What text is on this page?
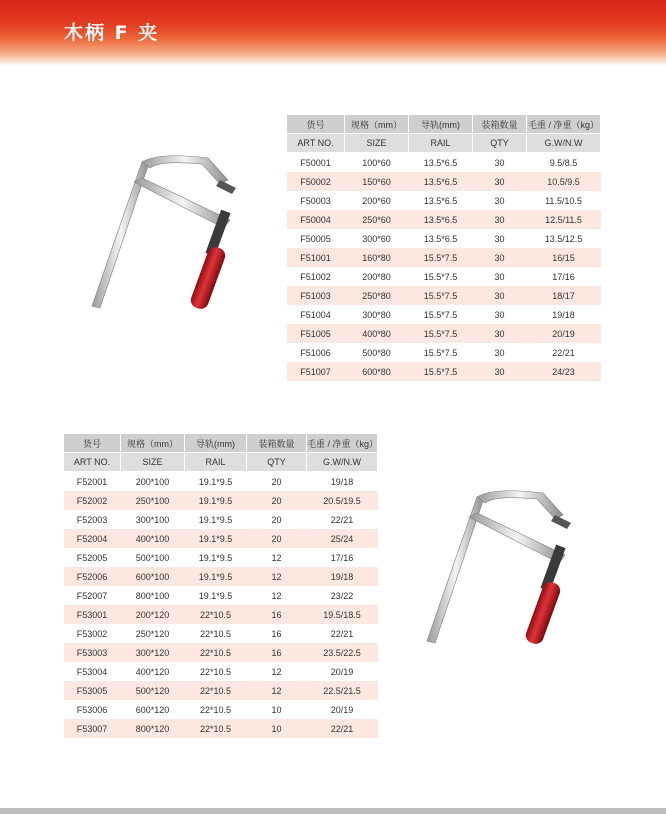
木柄 F 夹
货号	规格（mm）	导轨(mm)	装箱数量	毛重 / 净重（kg）
ART NO.	SIZE	RAIL	QTY	G.W/N.W
F50001	100*60	13.5*6.5	30	9.5/8.5
F50002	150*60	13.5*6.5	30	10.5/9.5
F50003	200*60	13.5*6.5	30	11.5/10.5
F50004	250*60	13.5*6.5	30	12.5/11.5
F50005	300*60	13.5*6.5	30	13.5/12.5
F51001	160*80	15.5*7.5	30	16/15
F51002	200*80	15.5*7.5	30	17/16
F51003	250*80	15.5*7.5	30	18/17
F51004	300*80	15.5*7.5	30	19/18
F51005	400*80	15.5*7.5	30	20/19
F51006	500*80	15.5*7.5	30	22/21
F51007	600*80	15.5*7.5	30	24/23
货号	规格（mm）	导轨(mm)	装箱数量	毛重 / 净重（kg）
ART NO.	SIZE	RAIL	QTY	G.W/N.W
F52001	200*100	19.1*9.5	20	19/18
F52002	250*100	19.1*9.5	20	20.5/19.5
F52003	300*100	19.1*9.5	20	22/21
F52004	400*100	19.1*9.5	20	25/24
F52005	500*100	19.1*9.5	12	17/16
F52006	600*100	19.1*9.5	12	19/18
F52007	800*100	19.1*9.5	12	23/22
F53001	200*120	22*10.5	16	19.5/18.5
F53002	250*120	22*10.5	16	22/21
F53003	300*120	22*10.5	16	23.5/22.5
F53004	400*120	22*10.5	12	20/19
F53005	500*120	22*10.5	12	22.5/21.5
F53006	600*120	22*10.5	10	20/19
F53007	800*120	22*10.5	10	22/21
